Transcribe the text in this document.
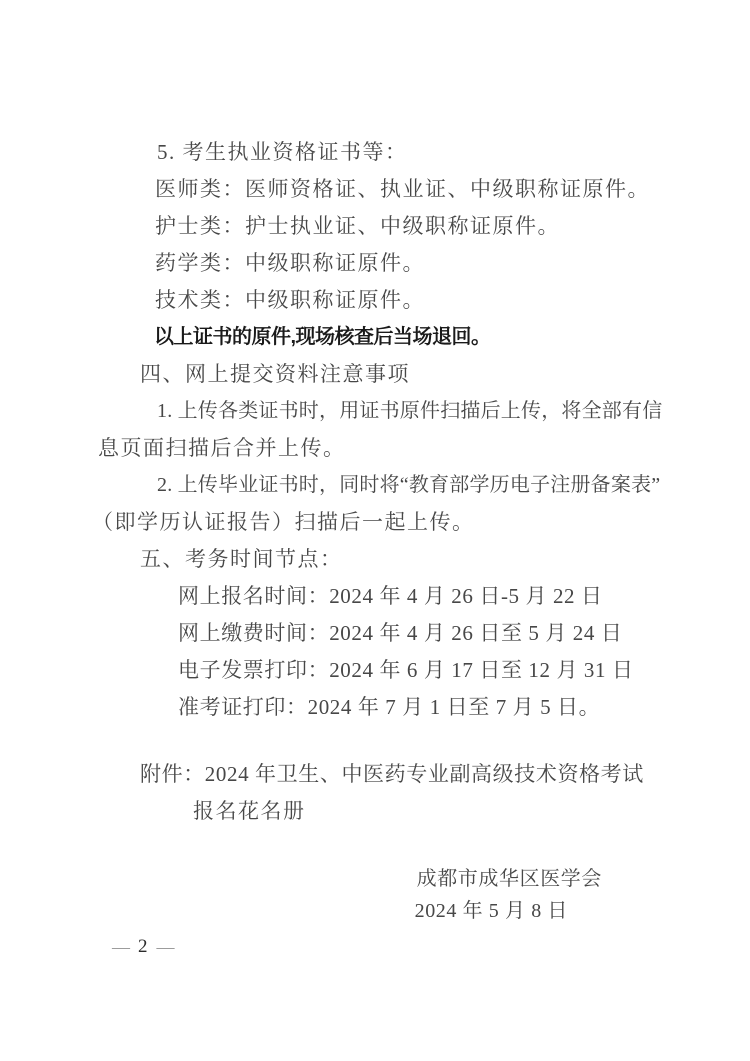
5. 考生执业资格证书等：
医师类：医师资格证、执业证、中级职称证原件。
护士类：护士执业证、中级职称证原件。
药学类：中级职称证原件。
技术类：中级职称证原件。
以上证书的原件,现场核查后当场退回。
四、网上提交资料注意事项
1. 上传各类证书时，用证书原件扫描后上传，将全部有信
息页面扫描后合并上传。
2. 上传毕业证书时，同时将“教育部学历电子注册备案表”
（即学历认证报告）扫描后一起上传。
五、考务时间节点：
网上报名时间：2024 年 4 月 26 日-5 月 22 日
网上缴费时间：2024 年 4 月 26 日至 5 月 24 日
电子发票打印：2024 年 6 月 17 日至 12 月 31 日
准考证打印：2024 年 7 月 1 日至 7 月 5 日。
附件：2024 年卫生、中医药专业副高级技术资格考试
报名花名册
成都市成华区医学会
2024 年 5 月 8 日
— 2 —
